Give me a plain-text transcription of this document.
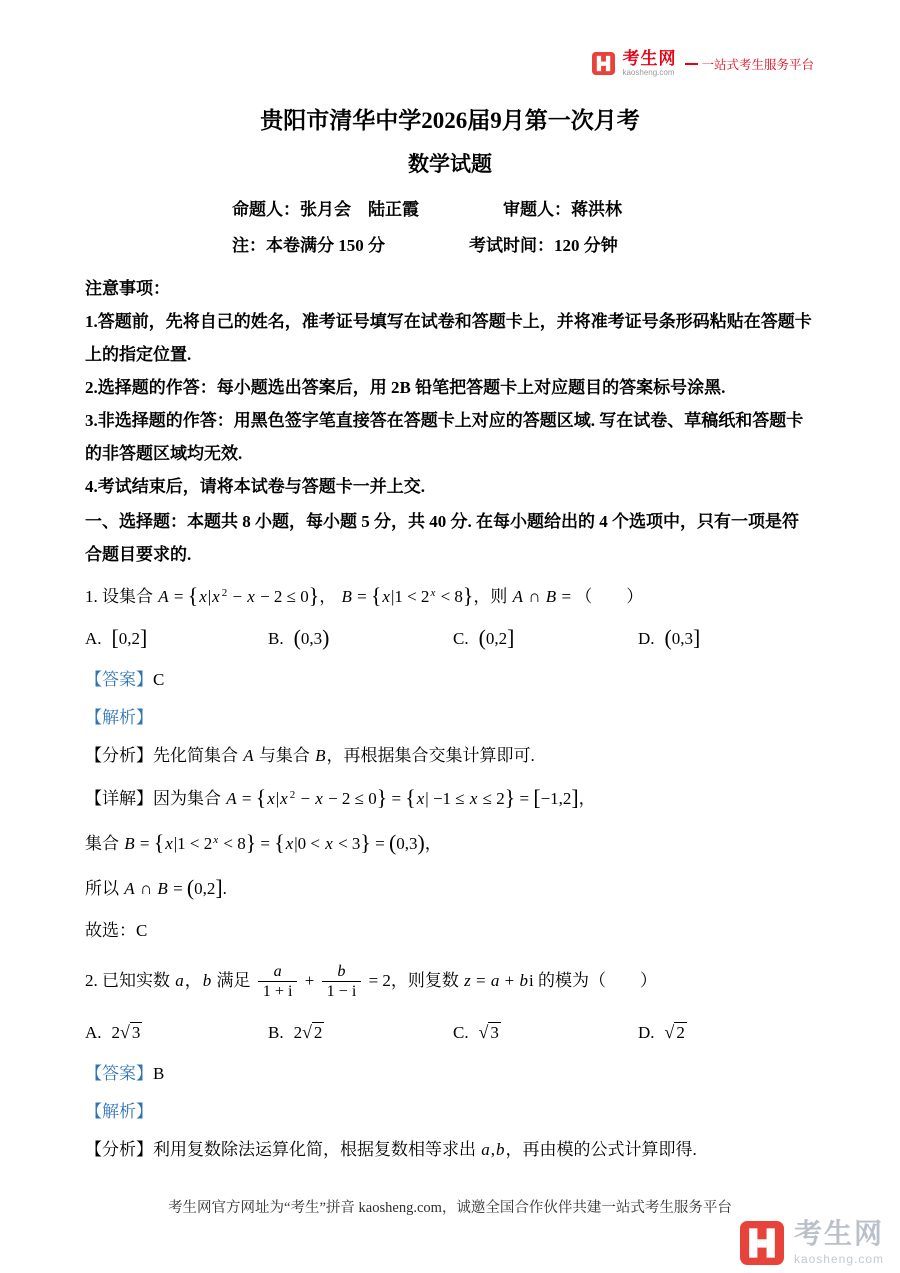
考生网
kaosheng.com
一站式考生服务平台
贵阳市清华中学2026届9月第一次月考
数学试题
命题人：张月会　陆正霞	审题人：蒋洪林
注：本卷满分 150 分	考试时间：120 分钟

注意事项：

1.答题前，先将自己的姓名，准考证号填写在试卷和答题卡上，并将准考证号条形码粘贴在答题卡上的指定位置.

2.选择题的作答：每小题选出答案后，用 2B 铅笔把答题卡上对应题目的答案标号涂黑.

3.非选择题的作答：用黑色签字笔直接答在答题卡上对应的答题区域. 写在试卷、草稿纸和答题卡的非答题区域均无效.

4.考试结束后，请将本试卷与答题卡一并上交.

一、选择题：本题共 8 小题，每小题 5 分，共 40 分. 在每小题给出的 4 个选项中，只有一项是符合题目要求的.

1. 设集合 A = {x|x $^2$ − x − 2 ≤ 0}， $B = \{x|1 < 2^x < 8\}$，则 A ∩ B = （　　）

A. [0,2]	B. (0,3)	C. (0,2]	D. (0,3]

【答案】C

【解析】

【分析】先化简集合 A 与集合 B，再根据集合交集计算即可.

【详解】因为集合 A = {x|x $^2$ − x − 2 ≤ 0} = {x| −1 ≤ x ≤ 2} = [−1,2]，

集合 $B = \{x|1 < 2^x < 8\} = \{x|0 < x < 3\} = (0,3)$，

所以 A ∩ B = (0,2].

故选：C

2. 已知实数 a，b 满足 $\frac{a}{1 + i} + \frac{b}{1 - i} = 2$，则复数 z = a + bi 的模为（　　）

A. 2√ 3	B. 2√ 2	C. √ 3	D. √ 2

【答案】B

【解析】

【分析】利用复数除法运算化简，根据复数相等求出 a,b，再由模的公式计算即得.

考生网官方网址为“考生”拼音 kaosheng.com，诚邀全国合作伙伴共建一站式考生服务平台

考生网
kaosheng.com
